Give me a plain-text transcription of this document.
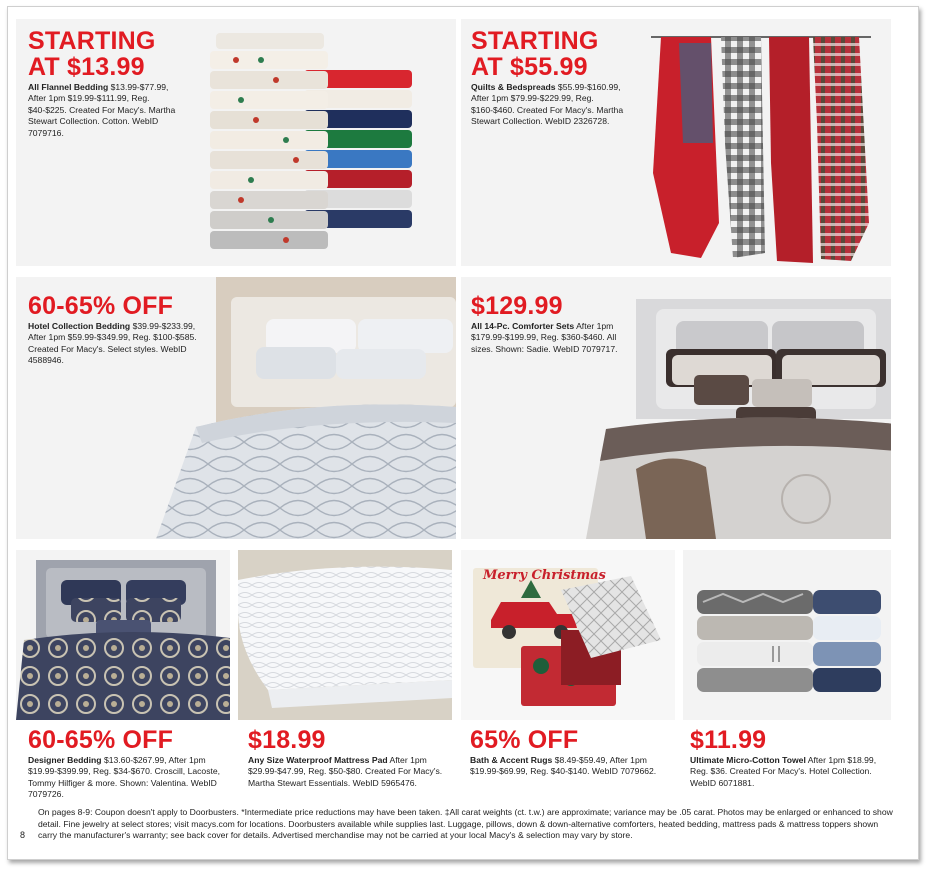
STARTING
AT $13.99
All Flannel Bedding $13.99-$77.99, After 1pm $19.99-$111.99, Reg. $40-$225. Created For Macy's. Martha Stewart Collection. Cotton. WebID 7079716.
STARTING
AT $55.99
Quilts & Bedspreads $55.99-$160.99, After 1pm $79.99-$229.99, Reg. $160-$460. Created For Macy's. Martha Stewart Collection. WebID 2326728.
60-65% OFF
Hotel Collection Bedding $39.99-$233.99, After 1pm $59.99-$349.99, Reg. $100-$585. Created For Macy's. Select styles. WebID 4588946.
$129.99
All 14-Pc. Comforter Sets After 1pm $179.99-$199.99, Reg. $360-$460. All sizes. Shown: Sadie. WebID 7079717.
60-65% OFF
Designer Bedding $13.60-$267.99, After 1pm $19.99-$399.99, Reg. $34-$670. Croscill, Lacoste, Tommy Hilfiger & more. Shown: Valentina. WebID 7079726.
$18.99
Any Size Waterproof Mattress Pad After 1pm $29.99-$47.99, Reg. $50-$80. Created For Macy's. Martha Stewart Essentials. WebID 5965476.
Merry Christmas
65% OFF
Bath & Accent Rugs $8.49-$59.49, After 1pm $19.99-$69.99, Reg. $40-$140. WebID 7079662.
$11.99
Ultimate Micro-Cotton Towel After 1pm $18.99, Reg. $36. Created For Macy's. Hotel Collection. WebID 6071881.
On pages 8-9: Coupon doesn't apply to Doorbusters. *Intermediate price reductions may have been taken. ‡All carat weights (ct. t.w.) are approximate; variance may be .05 carat. Photos may be enlarged or enhanced to show detail. Fine jewelry at select stores; visit macys.com for locations. Doorbusters available while supplies last. Luggage, pillows, down & down-alternative comforters, heated bedding, mattress pads & mattress toppers shown carry the manufacturer's warranty; see back cover for details. Advertised merchandise may not be carried at your local Macy's & selection may vary by store.
8
